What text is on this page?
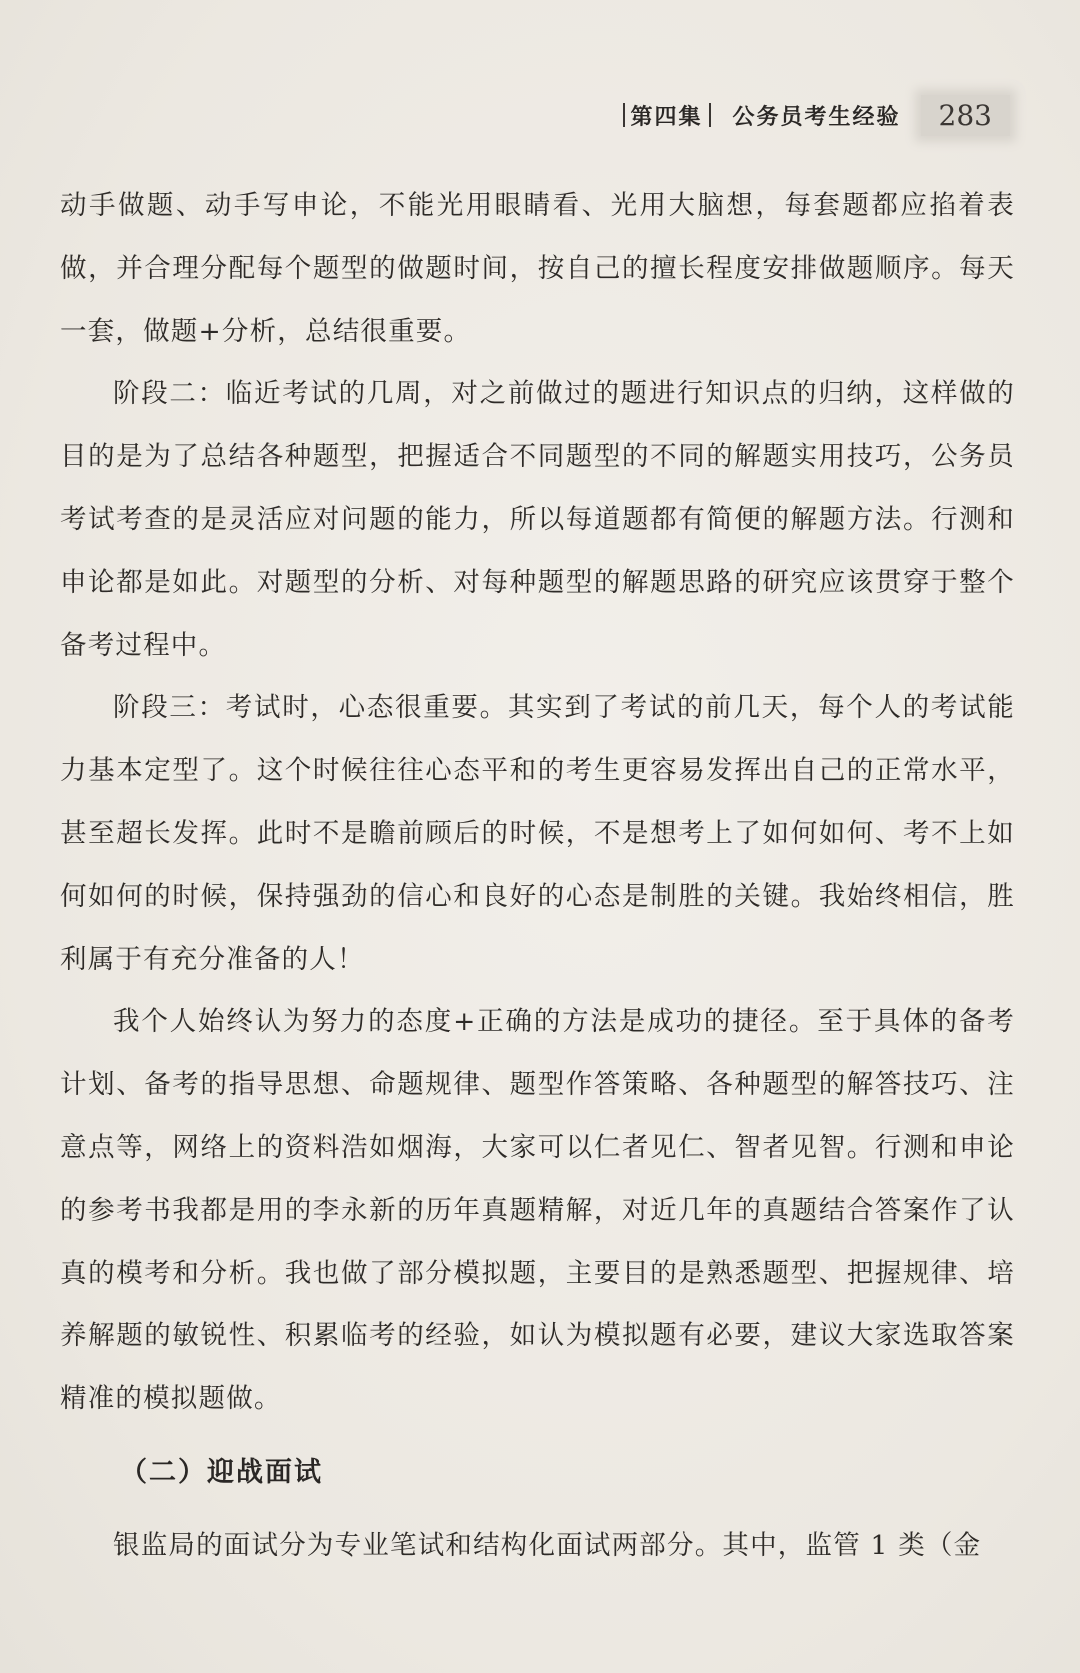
第四集 公务员考生经验	283

动手做题、动手写申论，不能光用眼睛看、光用大脑想，每套题都应掐着表做，并合理分配每个题型的做题时间，按自己的擅长程度安排做题顺序。每天一套，做题+分析，总结很重要。

阶段二：临近考试的几周，对之前做过的题进行知识点的归纳，这样做的目的是为了总结各种题型，把握适合不同题型的不同的解题实用技巧，公务员考试考查的是灵活应对问题的能力，所以每道题都有简便的解题方法。行测和申论都是如此。对题型的分析、对每种题型的解题思路的研究应该贯穿于整个备考过程中。

阶段三：考试时，心态很重要。其实到了考试的前几天，每个人的考试能力基本定型了。这个时候往往心态平和的考生更容易发挥出自己的正常水平，甚至超长发挥。此时不是瞻前顾后的时候，不是想考上了如何如何、考不上如何如何的时候，保持强劲的信心和良好的心态是制胜的关键。我始终相信，胜利属于有充分准备的人！

我个人始终认为努力的态度+正确的方法是成功的捷径。至于具体的备考计划、备考的指导思想、命题规律、题型作答策略、各种题型的解答技巧、注意点等，网络上的资料浩如烟海，大家可以仁者见仁、智者见智。行测和申论的参考书我都是用的李永新的历年真题精解，对近几年的真题结合答案作了认真的模考和分析。我也做了部分模拟题，主要目的是熟悉题型、把握规律、培养解题的敏锐性、积累临考的经验，如认为模拟题有必要，建议大家选取答案精准的模拟题做。

（二）迎战面试

银监局的面试分为专业笔试和结构化面试两部分。其中，监管 1 类（金
